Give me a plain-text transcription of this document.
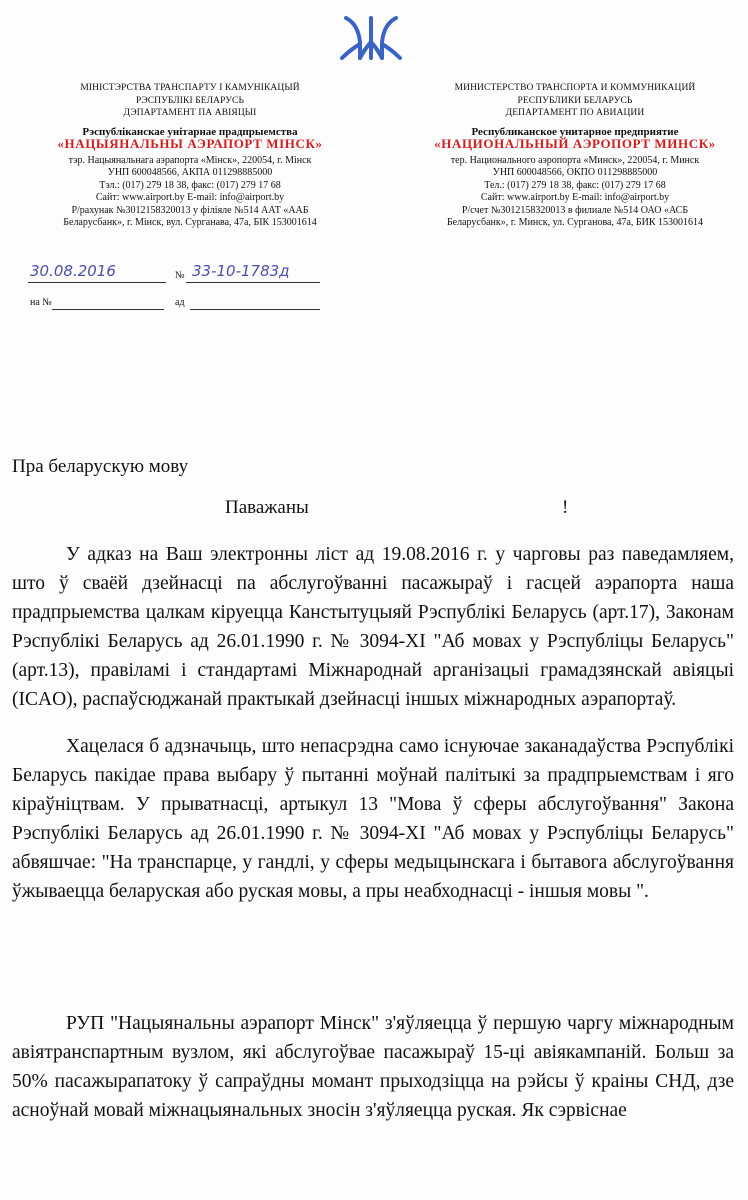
МІНІСТЭРСТВА ТРАНСПАРТУ І КАМУНІКАЦЫЙ
РЭСПУБЛІКІ БЕЛАРУСЬ
ДЭПАРТАМЕНТ ПА АВІЯЦЫІ
Рэспубліканскае унітарнае прадпрыемства
«НАЦЫЯНАЛЬНЫ АЭРАПОРТ МІНСК»
тэр. Нацыянальнага аэрапорта «Мінск», 220054, г. Мінск
УНП 600048566, АКПА 011298885000
Тэл.: (017) 279 18 38, факс: (017) 279 17 68
Сайт: www.airport.by E-mail: info@airport.by
Р/рахунак №3012158320013 у філіяле №514 ААТ «ААБ
Беларусбанк», г. Мінск, вул. Сурганава, 47а, БІК 153001614
МИНИСТЕРСТВО ТРАНСПОРТА И КОММУНИКАЦИЙ
РЕСПУБЛИКИ БЕЛАРУСЬ
ДЕПАРТАМЕНТ ПО АВИАЦИИ
Республиканское унитарное предприятие
«НАЦИОНАЛЬНЫЙ АЭРОПОРТ МИНСК»
тер. Национального аэропорта «Минск», 220054, г. Минск
УНП 600048566, ОКПО 011298885000
Тел.: (017) 279 18 38, факс: (017) 279 17 68
Сайт: www.airport.by E-mail: info@airport.by
Р/счет №3012158320013 в филиале №514 ОАО «АСБ
Беларусбанк», г. Минск, ул. Сурганова, 47а, БИК 153001614
30.08.2016	№ 33-10-1783д
на №	ад
Пра беларускую мову
Паважаны	!
У адказ на Ваш электронны ліст ад 19.08.2016 г. у чарговы раз паведамляем, што ў сваёй дзейнасці па абслугоўванні пасажыраў і гасцей аэрапорта наша прадпрыемства цалкам кіруецца Канстытуцыяй Рэспублікі Беларусь (арт.17), Законам Рэспублікі Беларусь ад 26.01.1990 г. № 3094-XI "Аб мовах у Рэспубліцы Беларусь" (арт.13), правіламі і стандартамі Міжнароднай арганізацыі грамадзянскай авіяцыі (ICAO), распаўсюджанай практыкай дзейнасці іншых міжнародных аэрапортаў.
Хацелася б адзначыць, што непасрэдна само існуючае заканадаўства Рэспублікі Беларусь пакідае права выбару ў пытанні моўнай палітыкі за прадпрыемствам і яго кіраўніцтвам. У прыватнасці, артыкул 13 "Мова ў сферы абслугоўвання" Закона Рэспублікі Беларусь ад 26.01.1990 г. № 3094-XI "Аб мовах у Рэспубліцы Беларусь" абвяшчае: "На транспарце, у гандлі, у сферы медыцынскага і бытавога абслугоўвання ўжываецца беларуская або руская мовы, а пры неабходнасці - іншыя мовы ".
РУП "Нацыянальны аэрапорт Мінск" з'яўляецца ў першую чаргу міжнародным авіятранспартным вузлом, які абслугоўвае пасажыраў 15-ці авіякампаній. Больш за 50% пасажырапатоку ў сапраўдны момант прыходзіцца на рэйсы ў краіны СНД, дзе асноўнай мовай міжнацыянальных зносін з'яўляецца руская. Як сэрвіснае
